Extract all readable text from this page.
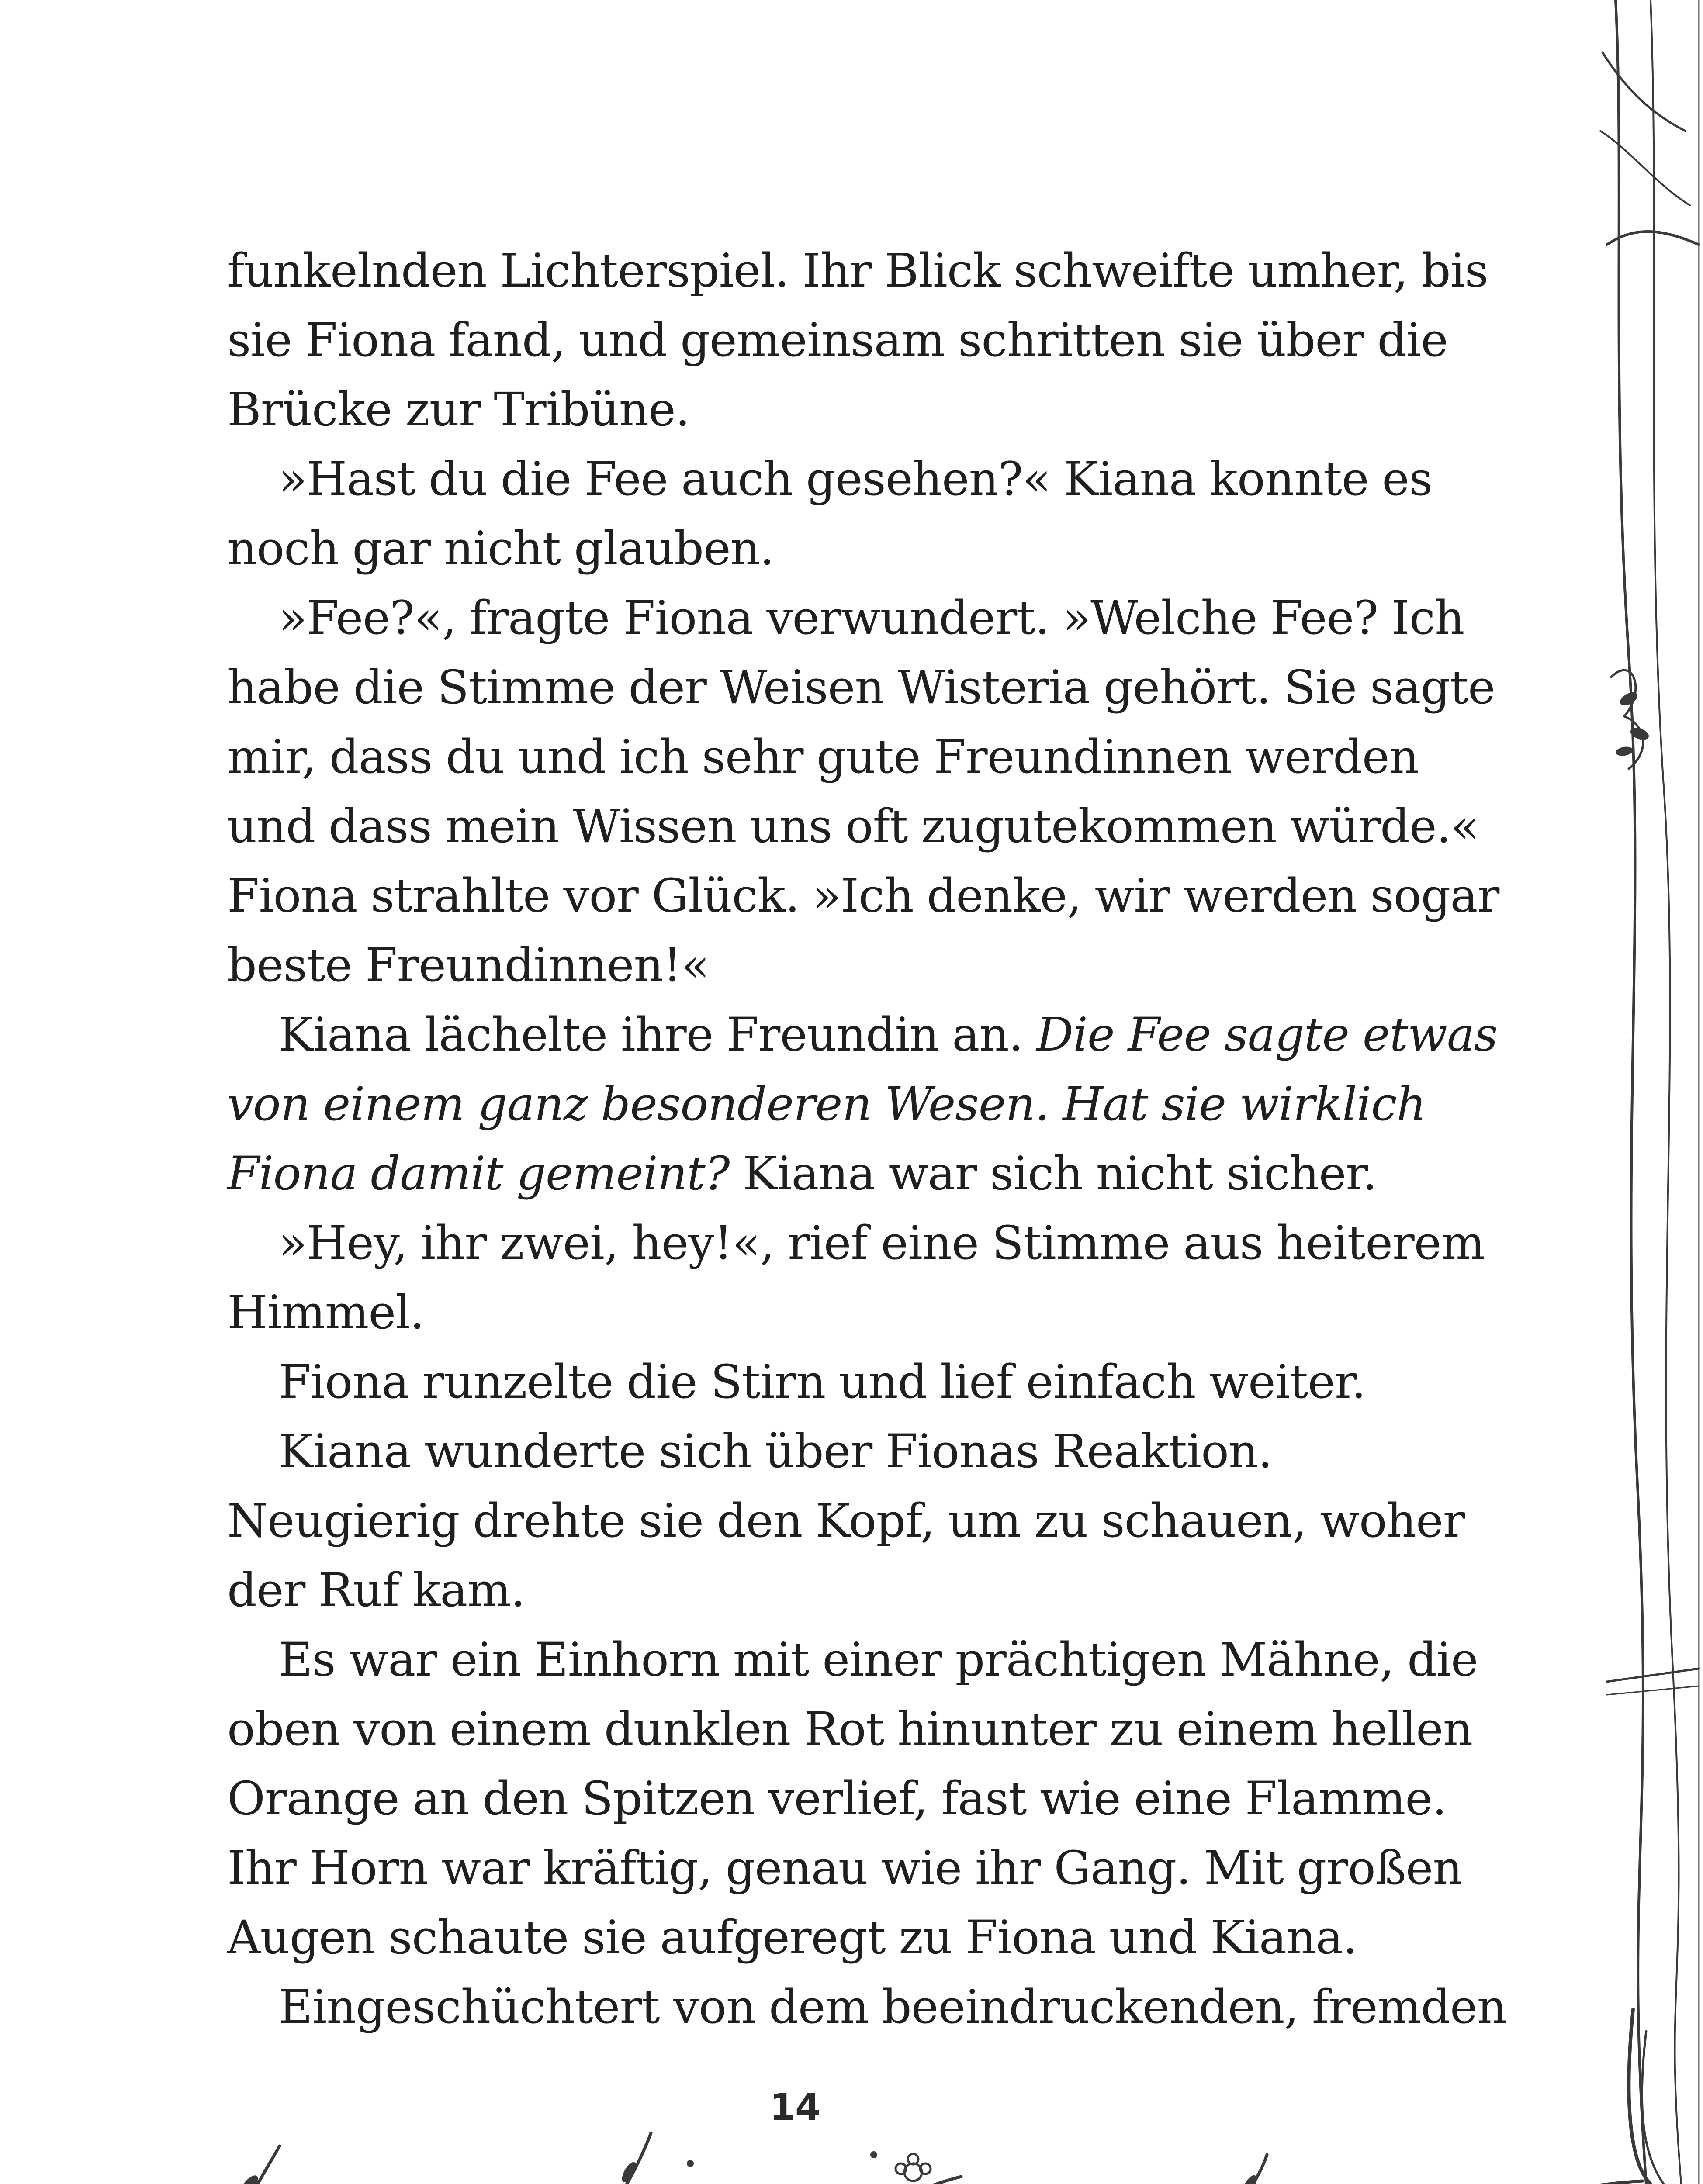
funkelnden Lichterspiel. Ihr Blick schweifte umher, bis
sie Fiona fand, und gemeinsam schritten sie über die
Brücke zur Tribüne.
»Hast du die Fee auch gesehen?« Kiana konnte es
noch gar nicht glauben.
»Fee?«, fragte Fiona verwundert. »Welche Fee? Ich
habe die Stimme der Weisen Wisteria gehört. Sie sagte
mir, dass du und ich sehr gute Freundinnen werden
und dass mein Wissen uns oft zugutekommen würde.«
Fiona strahlte vor Glück. »Ich denke, wir werden sogar
beste Freundinnen!«
Kiana lächelte ihre Freundin an. Die Fee sagte etwas
von einem ganz besonderen Wesen. Hat sie wirklich
Fiona damit gemeint? Kiana war sich nicht sicher.
»Hey, ihr zwei, hey!«, rief eine Stimme aus heiterem
Himmel.
Fiona runzelte die Stirn und lief einfach weiter.
Kiana wunderte sich über Fionas Reaktion.
Neugierig drehte sie den Kopf, um zu schauen, woher
der Ruf kam.
Es war ein Einhorn mit einer prächtigen Mähne, die
oben von einem dunklen Rot hinunter zu einem hellen
Orange an den Spitzen verlief, fast wie eine Flamme.
Ihr Horn war kräftig, genau wie ihr Gang. Mit großen
Augen schaute sie aufgeregt zu Fiona und Kiana.
Eingeschüchtert von dem beeindruckenden, fremden
14
